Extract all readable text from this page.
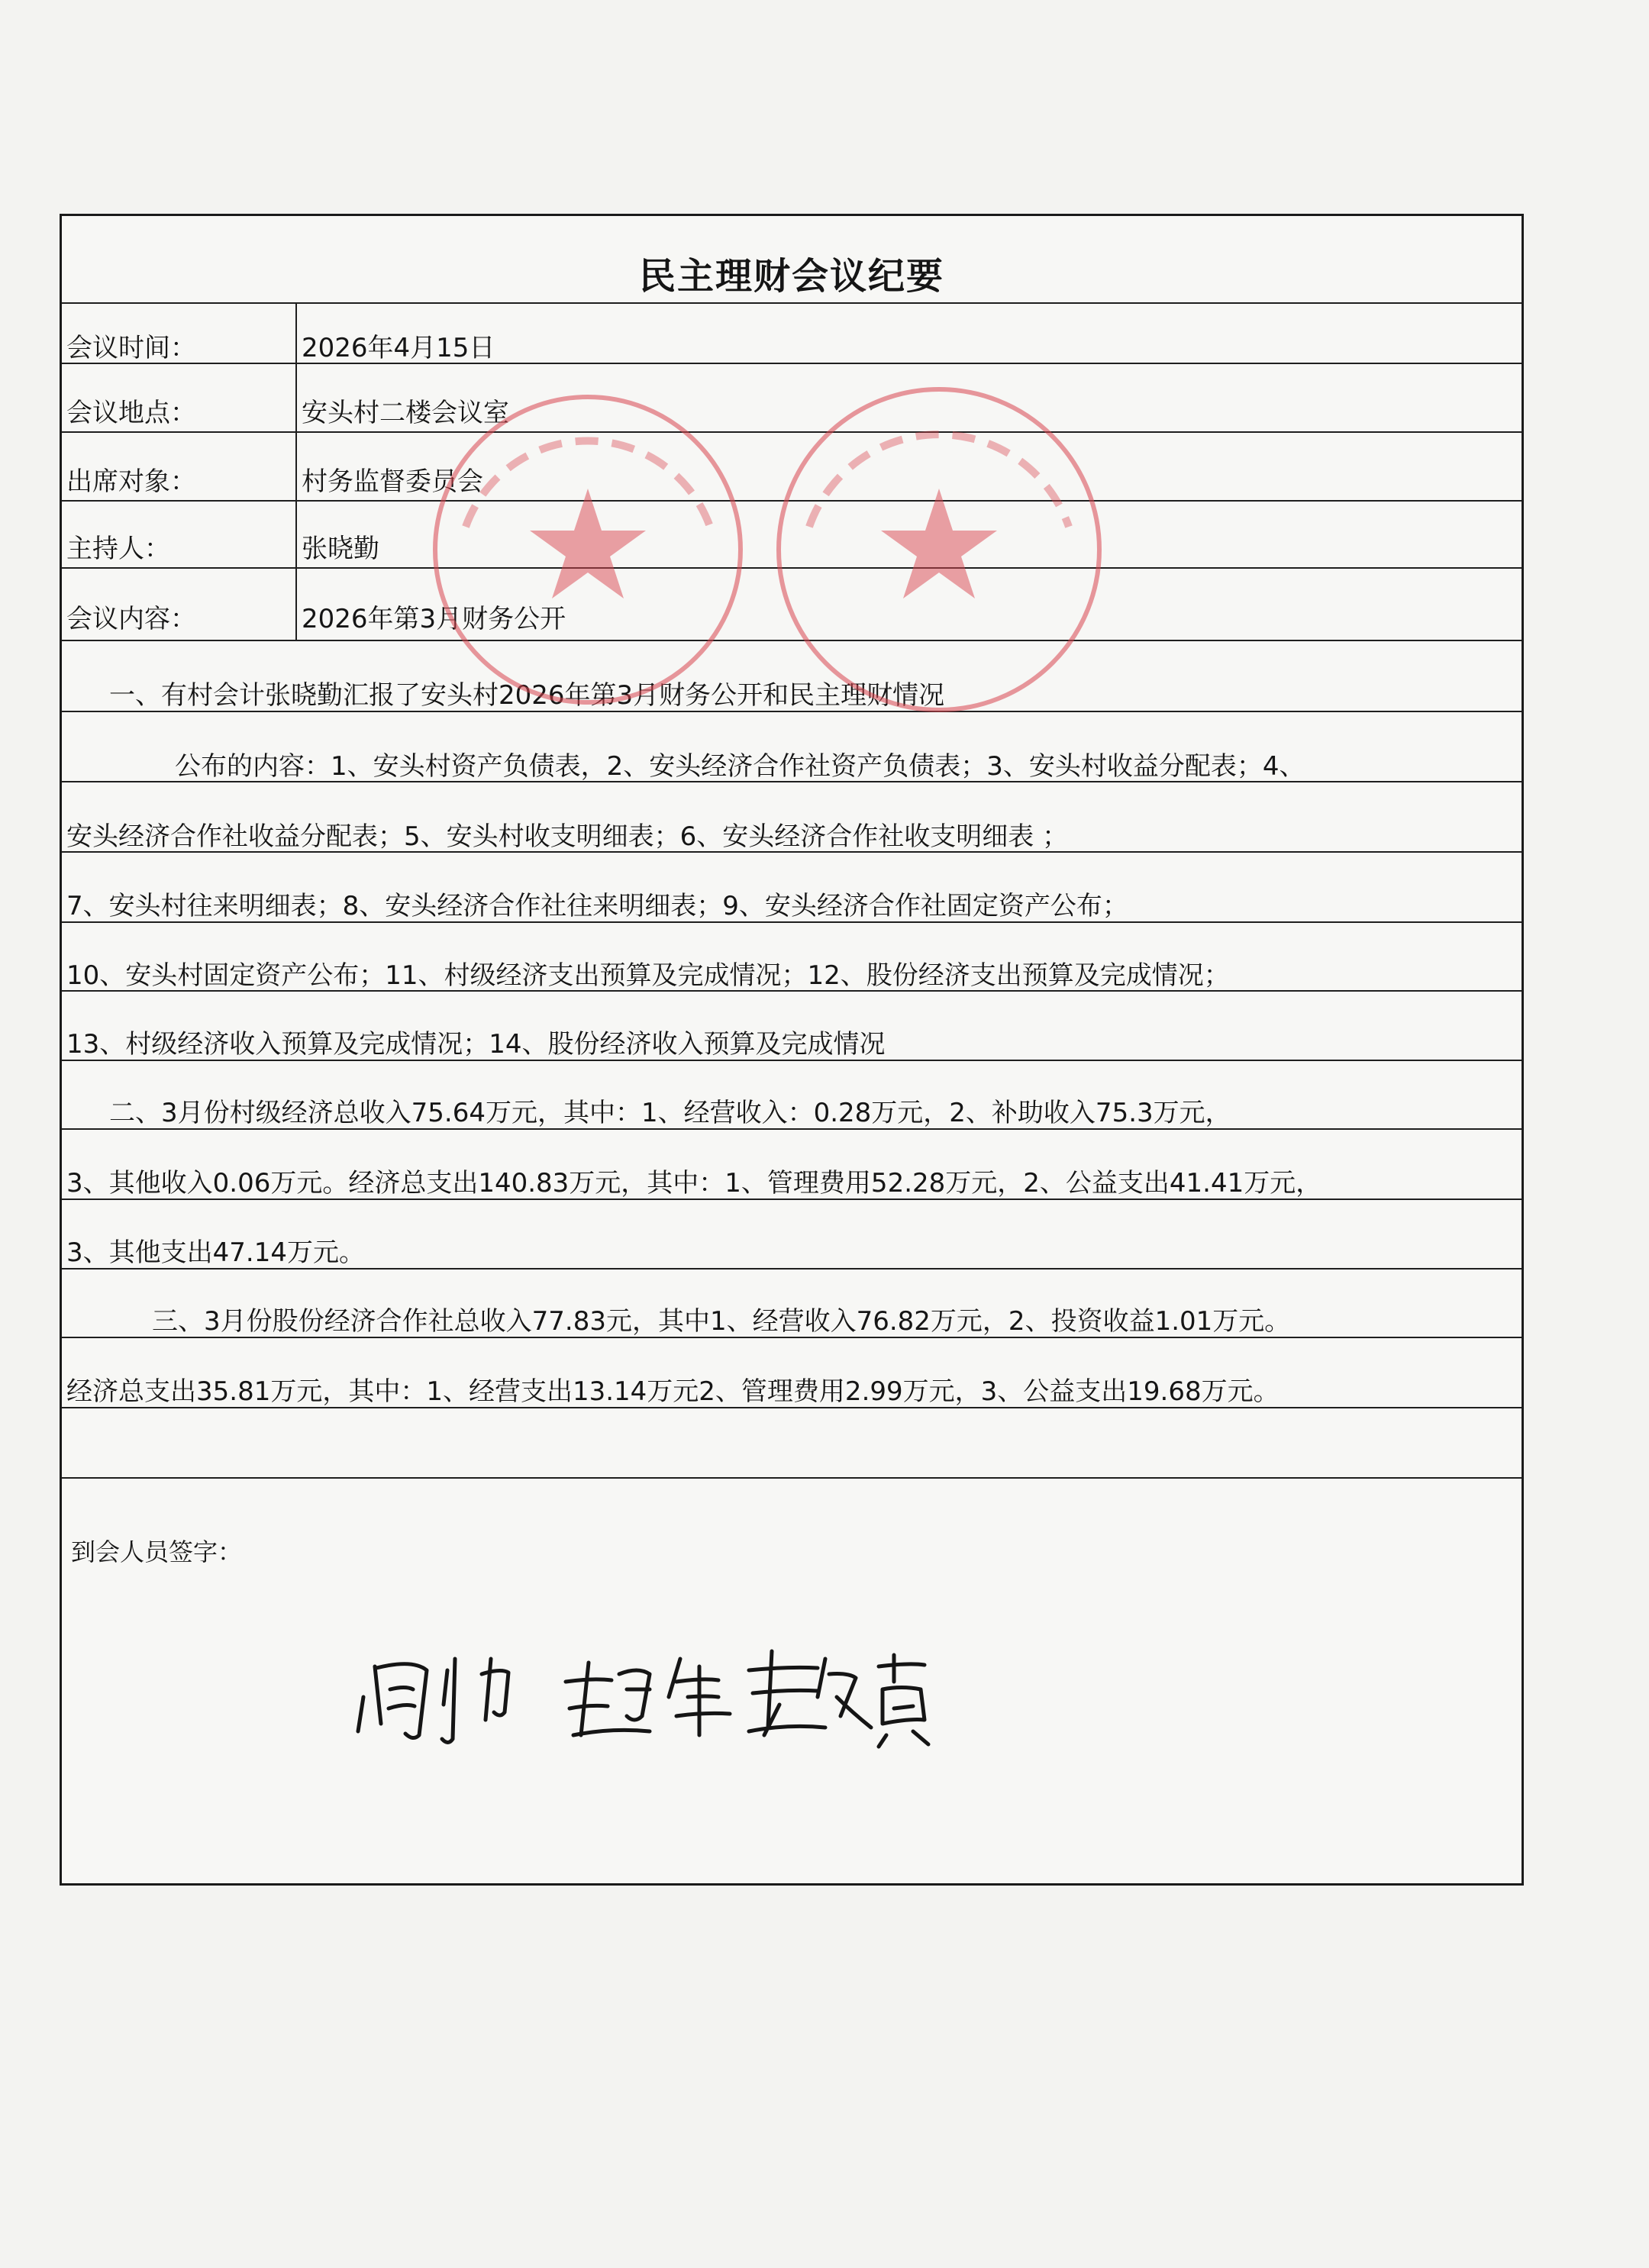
民主理财会议纪要
会议时间：	2026年4月15日
会议地点：	安头村二楼会议室
出席对象：	村务监督委员会
主持人：	张晓勤
会议内容：	2026年第3月财务公开
一、有村会计张晓勤汇报了安头村2026年第3月财务公开和民主理财情况
公布的内容：1、安头村资产负债表，2、安头经济合作社资产负债表；3、安头村收益分配表；4、
安头经济合作社收益分配表；5、安头村收支明细表；6、安头经济合作社收支明细表 ；
7、安头村往来明细表；8、安头经济合作社往来明细表；9、安头经济合作社固定资产公布；
10、安头村固定资产公布；11、村级经济支出预算及完成情况；12、股份经济支出预算及完成情况；
13、村级经济收入预算及完成情况；14、股份经济收入预算及完成情况
二、3月份村级经济总收入75.64万元，其中：1、经营收入：0.28万元，2、补助收入75.3万元，
3、其他收入0.06万元。经济总支出140.83万元，其中：1、管理费用52.28万元，2、公益支出41.41万元，
3、其他支出47.14万元。
三、3月份股份经济合作社总收入77.83元，其中1、经营收入76.82万元，2、投资收益1.01万元。
经济总支出35.81万元，其中：1、经营支出13.14万元2、管理费用2.99万元，3、公益支出19.68万元。
到会人员签字：
